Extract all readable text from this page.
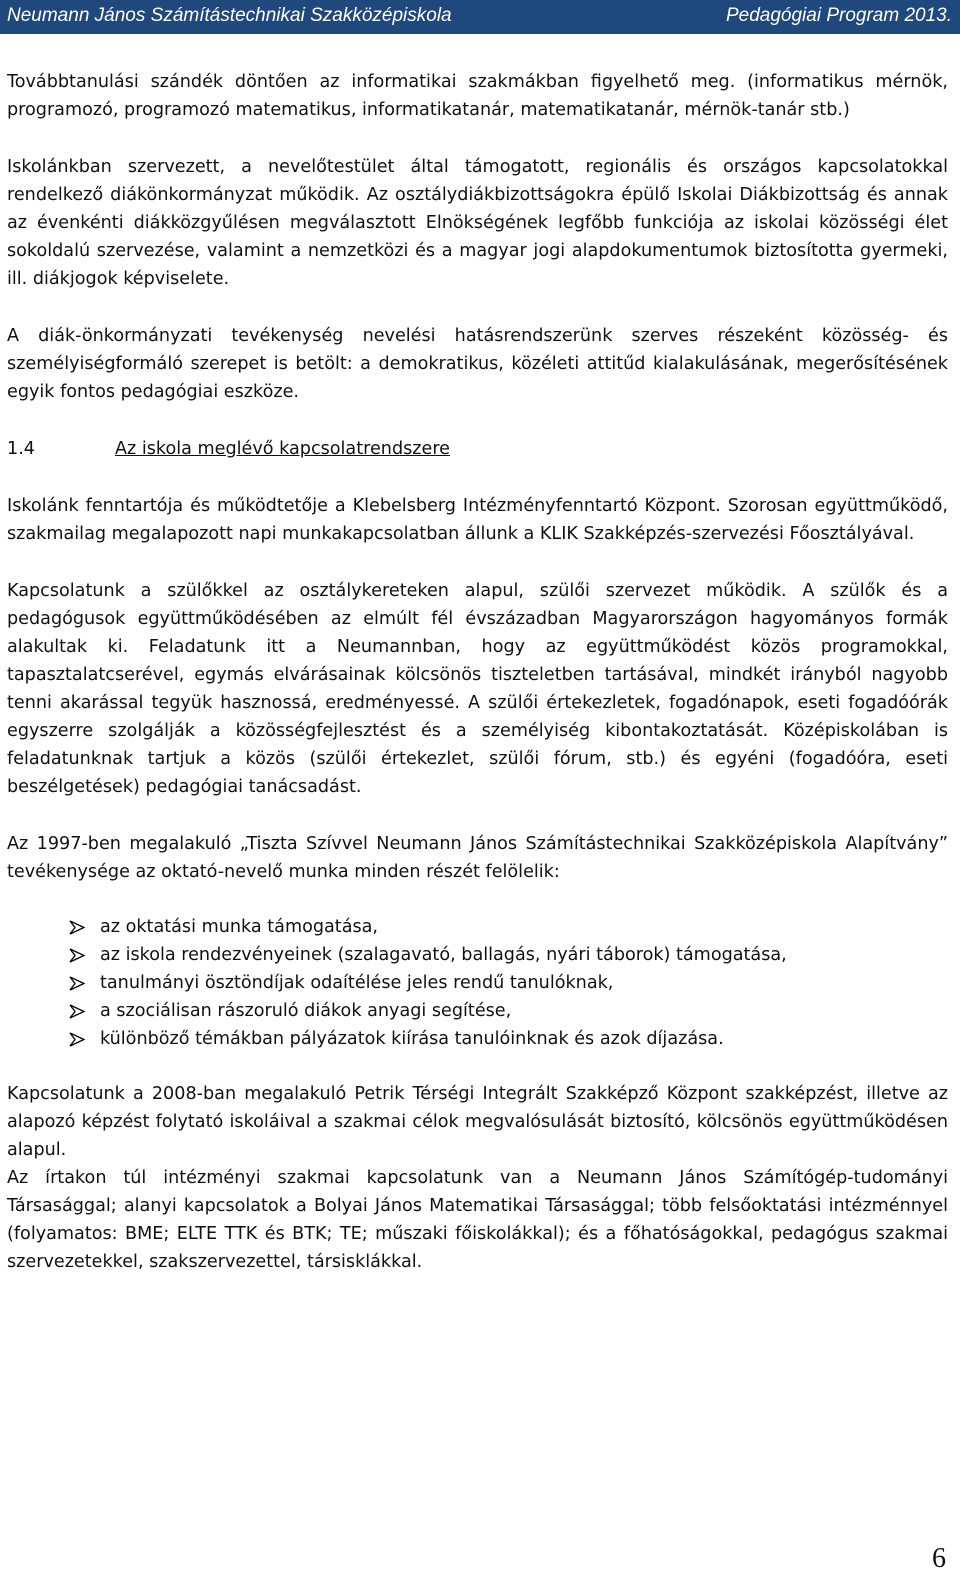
Neumann János Számítástechnikai Szakközépiskola	Pedagógiai Program 2013.

Továbbtanulási szándék döntően az informatikai szakmákban figyelhető meg. (informatikus mérnök, programozó, programozó matematikus, informatikatanár, matematikatanár, mérnök-tanár stb.)

Iskolánkban szervezett, a nevelőtestület által támogatott, regionális és országos kapcsolatokkal rendelkező diákönkormányzat működik. Az osztálydiákbizottságokra épülő Iskolai Diákbizottság és annak az évenkénti diákközgyűlésen megválasztott Elnökségének legfőbb funkciója az iskolai közösségi élet sokoldalú szervezése, valamint a nemzetközi és a magyar jogi alapdokumentumok biztosította gyermeki, ill. diákjogok képviselete.

A diák-önkormányzati tevékenység nevelési hatásrendszerünk szerves részeként közösség- és személyiségformáló szerepet is betölt: a demokratikus, közéleti attitűd kialakulásának, megerősítésének egyik fontos pedagógiai eszköze.

1.4	Az iskola meglévő kapcsolatrendszere

Iskolánk fenntartója és működtetője a Klebelsberg Intézményfenntartó Központ. Szorosan együttműködő, szakmailag megalapozott napi munkakapcsolatban állunk a KLIK Szakképzés-szervezési Főosztályával.

Kapcsolatunk a szülőkkel az osztálykereteken alapul, szülői szervezet működik. A szülők és a pedagógusok együttműködésében az elmúlt fél évszázadban Magyarországon hagyományos formák alakultak ki. Feladatunk itt a Neumannban, hogy az együttműködést közös programokkal, tapasztalatcserével, egymás elvárásainak kölcsönös tiszteletben tartásával, mindkét irányból nagyobb tenni akarással tegyük hasznossá, eredményessé. A szülői értekezletek, fogadónapok, eseti fogadóórák egyszerre szolgálják a közösségfejlesztést és a személyiség kibontakoztatását. Középiskolában is feladatunknak tartjuk a közös (szülői értekezlet, szülői fórum, stb.) és egyéni (fogadóóra, eseti beszélgetések) pedagógiai tanácsadást.

Az 1997-ben megalakuló „Tiszta Szívvel Neumann János Számítástechnikai Szakközépiskola Alapítvány” tevékenysége az oktató-nevelő munka minden részét felölelik:

az oktatási munka támogatása,
az iskola rendezvényeinek (szalagavató, ballagás, nyári táborok) támogatása,
tanulmányi ösztöndíjak odaítélése jeles rendű tanulóknak,
a szociálisan rászoruló diákok anyagi segítése,
különböző témákban pályázatok kiírása tanulóinknak és azok díjazása.

Kapcsolatunk a 2008-ban megalakuló Petrik Térségi Integrált Szakképző Központ szakképzést, illetve az alapozó képzést folytató iskoláival a szakmai célok megvalósulását biztosító, kölcsönös együttműködésen alapul.

Az írtakon túl intézményi szakmai kapcsolatunk van a Neumann János Számítógép-tudományi Társasággal; alanyi kapcsolatok a Bolyai János Matematikai Társasággal; több felsőoktatási intézménnyel (folyamatos: BME; ELTE TTK és BTK; TE; műszaki főiskolákkal); és a főhatóságokkal, pedagógus szakmai szervezetekkel, szakszervezettel, társisklákkal.

6
